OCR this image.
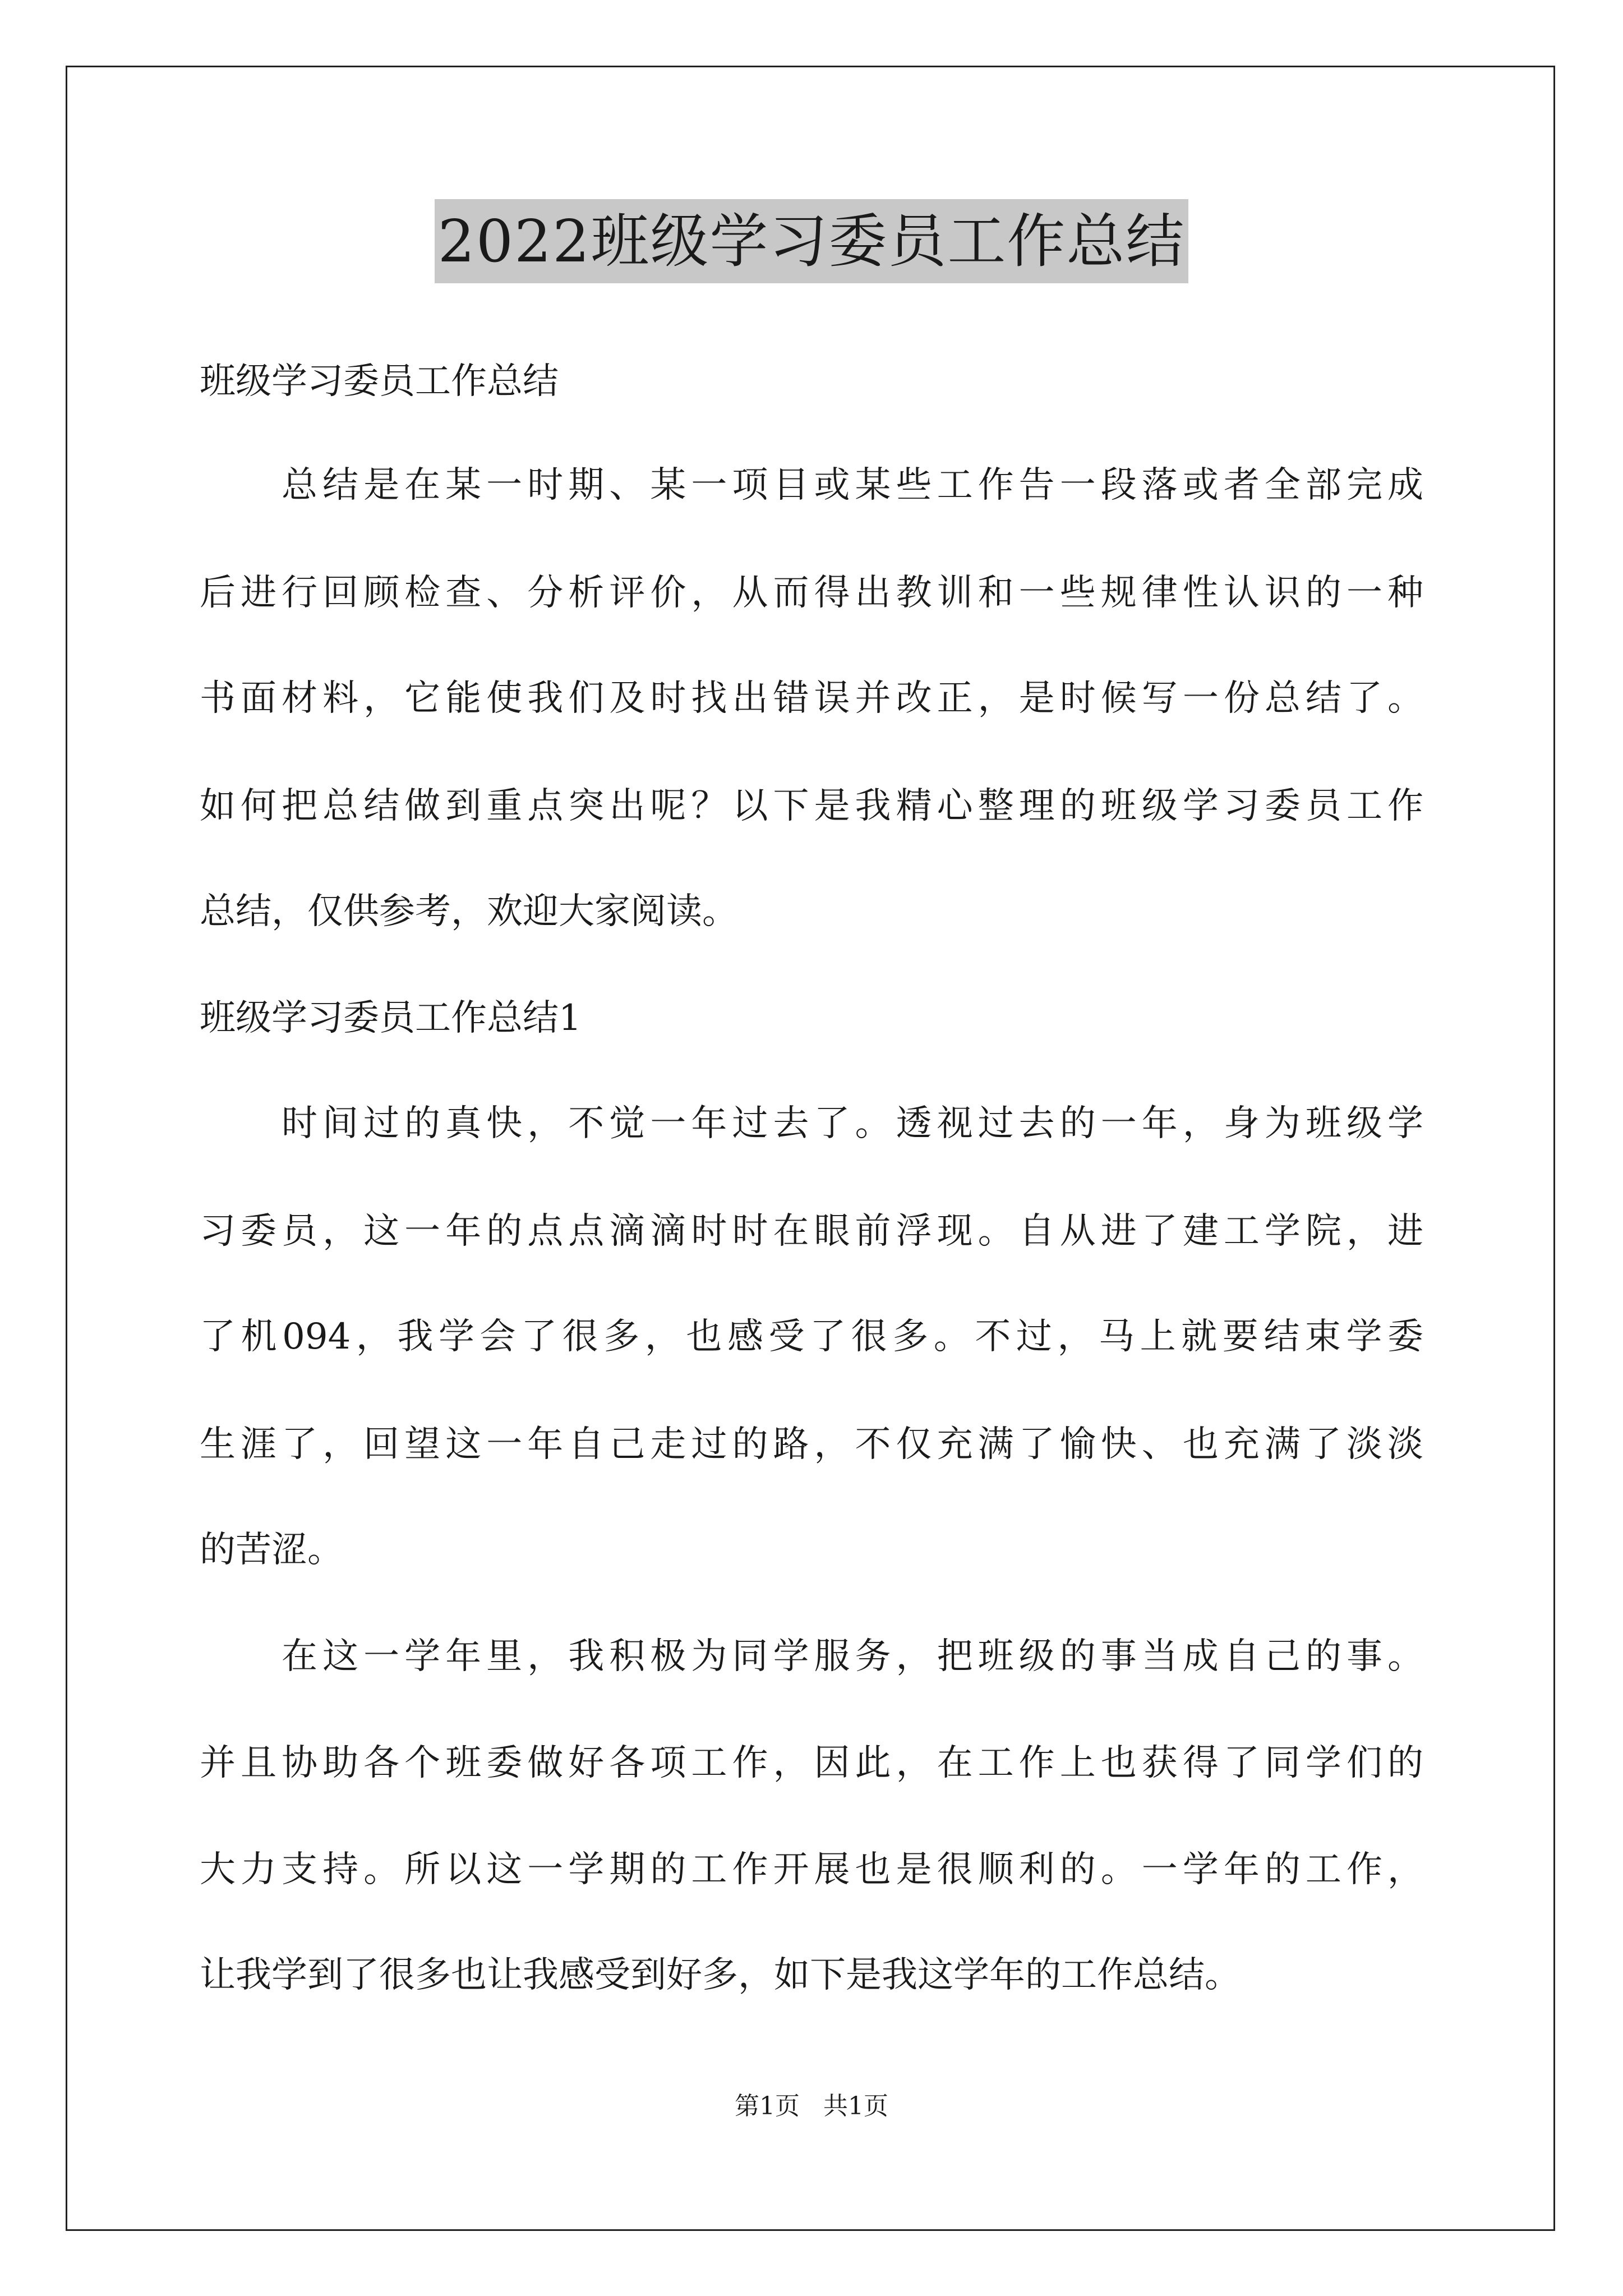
2022班级学习委员工作总结
班级学习委员工作总结
总结是在某一时期、某一项目或某些工作告一段落或者全部完成
后进行回顾检查、分析评价，从而得出教训和一些规律性认识的一种
书面材料，它能使我们及时找出错误并改正，是时候写一份总结了。
如何把总结做到重点突出呢？以下是我精心整理的班级学习委员工作
总结，仅供参考，欢迎大家阅读。
班级学习委员工作总结1
时间过的真快，不觉一年过去了。透视过去的一年，身为班级学
习委员，这一年的点点滴滴时时在眼前浮现。自从进了建工学院，进
了机094，我学会了很多，也感受了很多。不过，马上就要结束学委
生涯了，回望这一年自己走过的路，不仅充满了愉快、也充满了淡淡
的苦涩。
在这一学年里，我积极为同学服务，把班级的事当成自己的事。
并且协助各个班委做好各项工作，因此，在工作上也获得了同学们的
大力支持。所以这一学期的工作开展也是很顺利的。一学年的工作，
让我学到了很多也让我感受到好多，如下是我这学年的工作总结。
第1页   共1页
